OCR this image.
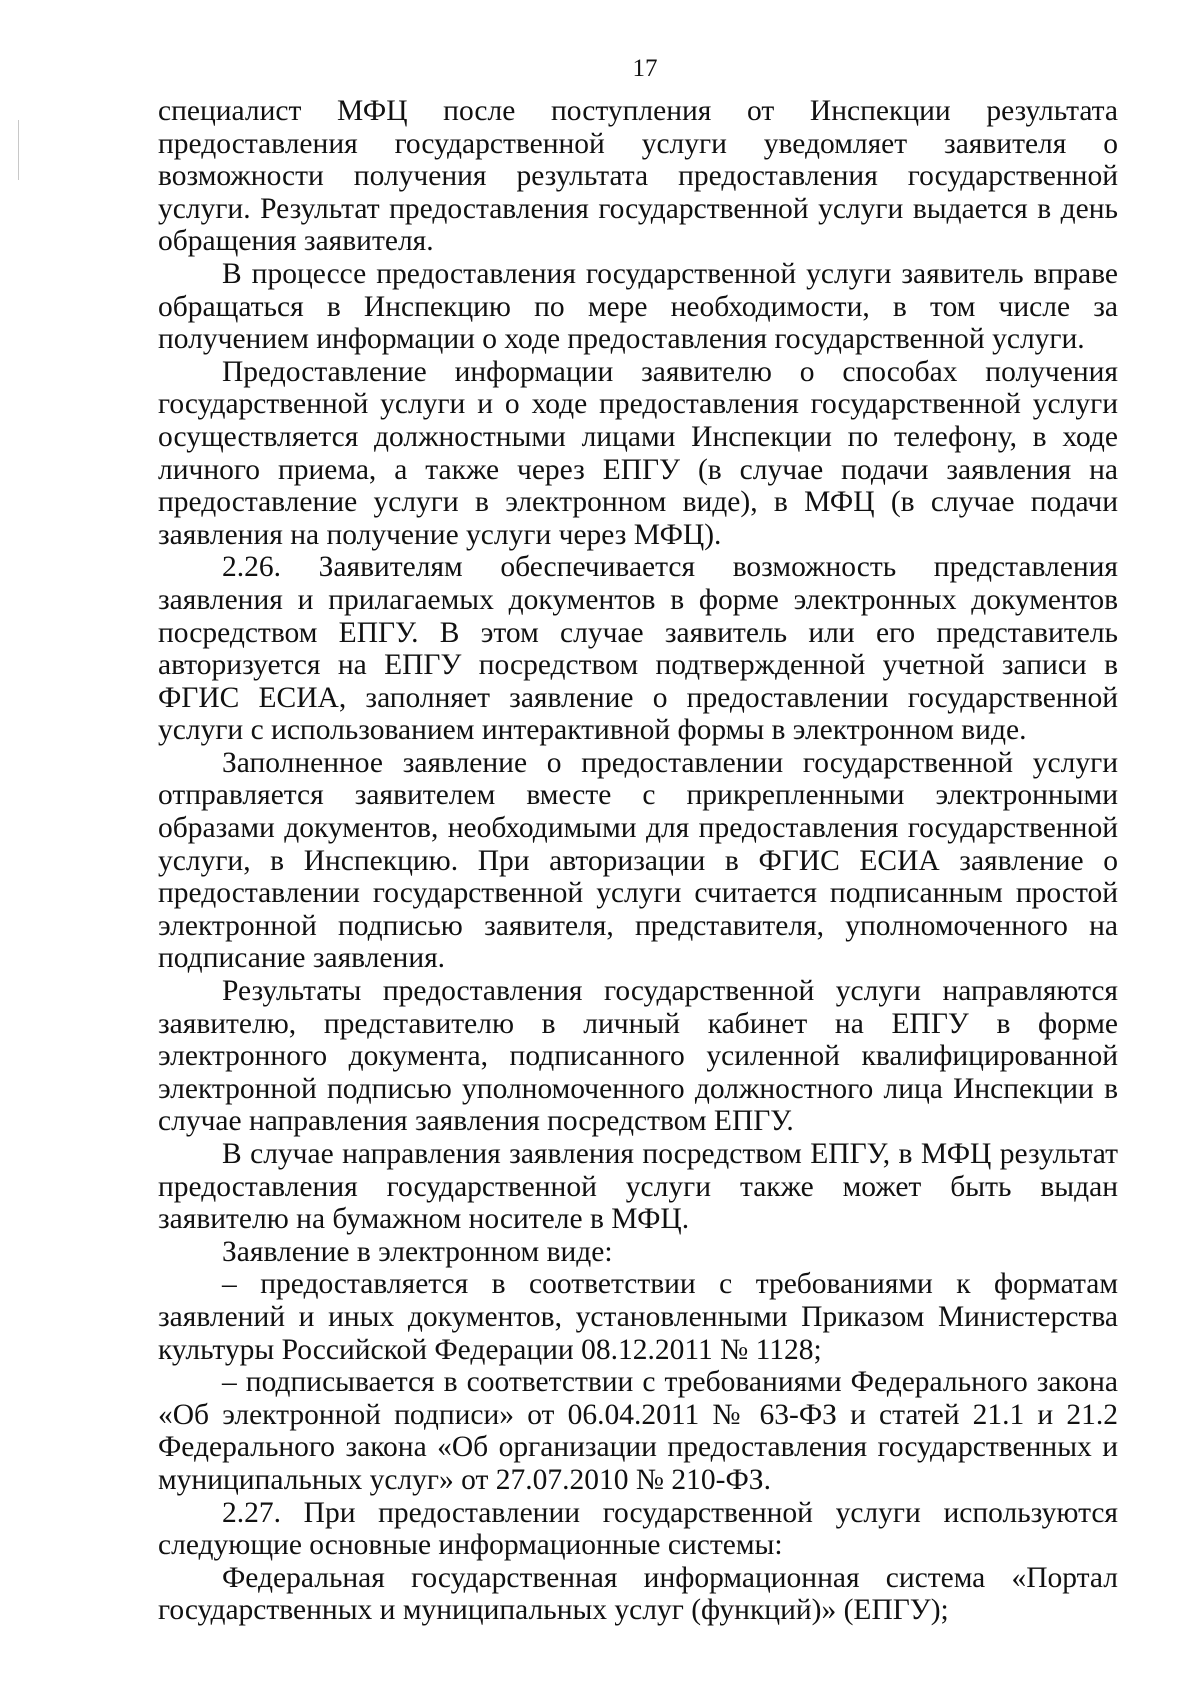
17

специалист МФЦ после поступления от Инспекции результата предоставления государственной услуги уведомляет заявителя о возможности получения результата предоставления государственной услуги. Результат предоставления государственной услуги выдается в день обращения заявителя.

В процессе предоставления государственной услуги заявитель вправе обращаться в Инспекцию по мере необходимости, в том числе за получением информации о ходе предоставления государственной услуги.

Предоставление информации заявителю о способах получения государственной услуги и о ходе предоставления государственной услуги осуществляется должностными лицами Инспекции по телефону, в ходе личного приема, а также через ЕПГУ (в случае подачи заявления на предоставление услуги в электронном виде), в МФЦ (в случае подачи заявления на получение услуги через МФЦ).

2.26. Заявителям обеспечивается возможность представления заявления и прилагаемых документов в форме электронных документов посредством ЕПГУ. В этом случае заявитель или его представитель авторизуется на ЕПГУ посредством подтвержденной учетной записи в ФГИС ЕСИА, заполняет заявление о предоставлении государственной услуги с использованием интерактивной формы в электронном виде.

Заполненное заявление о предоставлении государственной услуги отправляется заявителем вместе с прикрепленными электронными образами документов, необходимыми для предоставления государственной услуги, в Инспекцию. При авторизации в ФГИС ЕСИА заявление о предоставлении государственной услуги считается подписанным простой электронной подписью заявителя, представителя, уполномоченного на подписание заявления.

Результаты предоставления государственной услуги направляются заявителю, представителю в личный кабинет на ЕПГУ в форме электронного документа, подписанного усиленной квалифицированной электронной подписью уполномоченного должностного лица Инспекции в случае направления заявления посредством ЕПГУ.

В случае направления заявления посредством ЕПГУ, в МФЦ результат предоставления государственной услуги также может быть выдан заявителю на бумажном носителе в МФЦ.

Заявление в электронном виде:

– предоставляется в соответствии с требованиями к форматам заявлений и иных документов, установленными Приказом Министерства культуры Российской Федерации 08.12.2011 № 1128;

– подписывается в соответствии с требованиями Федерального закона «Об электронной подписи» от 06.04.2011 № 63-ФЗ и статей 21.1 и 21.2 Федерального закона «Об организации предоставления государственных и муниципальных услуг» от 27.07.2010 № 210-ФЗ.

2.27. При предоставлении государственной услуги используются следующие основные информационные системы:

Федеральная государственная информационная система «Портал государственных и муниципальных услуг (функций)» (ЕПГУ);
